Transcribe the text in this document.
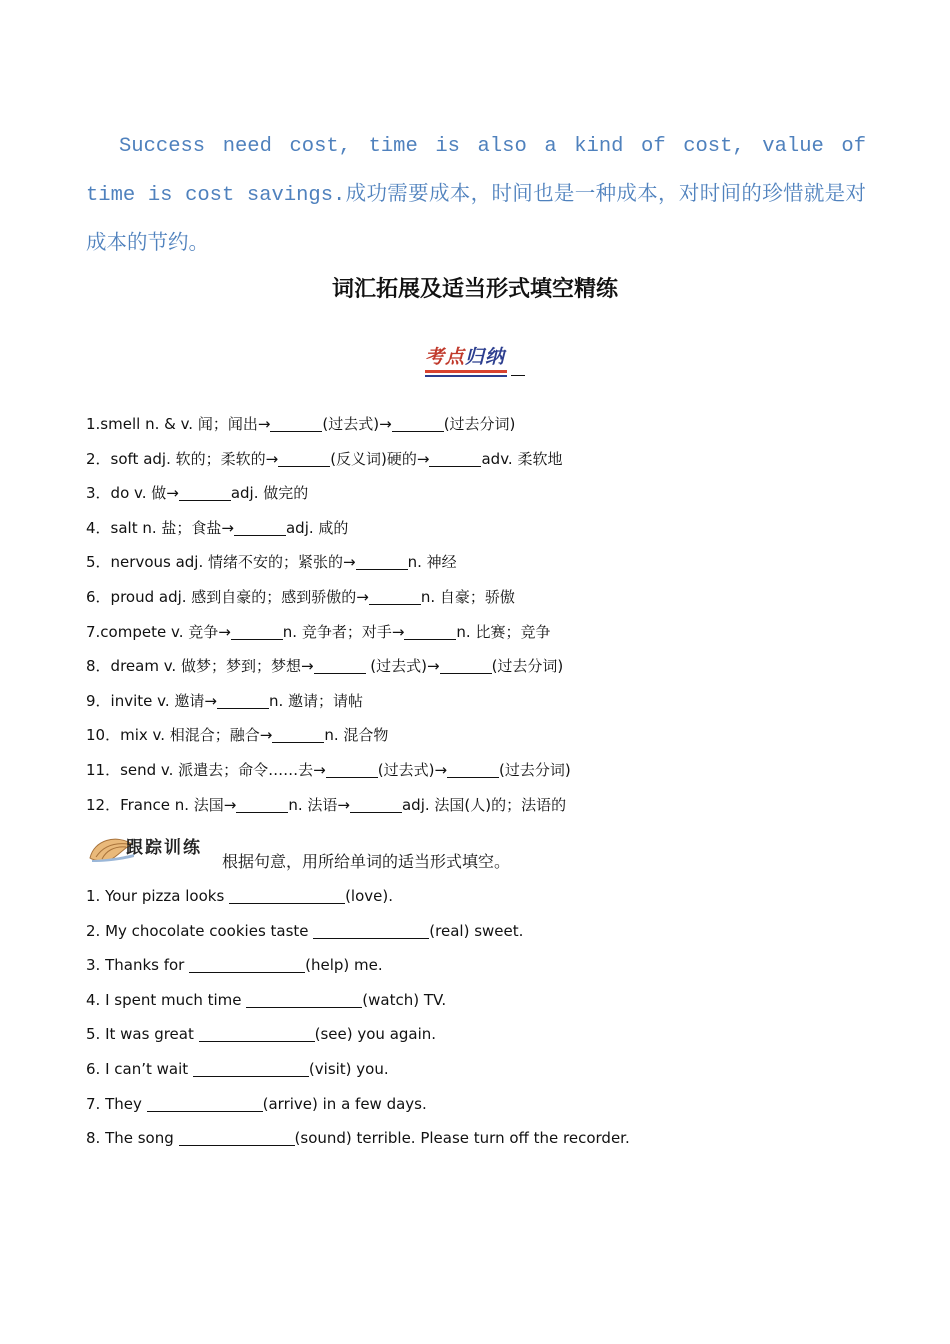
Success need cost, time is also a kind of cost, value of time is cost savings.成功需要成本，时间也是一种成本，对时间的珍惜就是对成本的节约。
词汇拓展及适当形式填空精练
考点归纳
1.smell n. & v. 闻；闻出→	(过去式)→	(过去分词)
2．soft adj. 软的；柔软的→	(反义词)硬的→	adv. 柔软地
3．do v. 做→	adj. 做完的
4．salt n. 盐；食盐→	adj. 咸的
5．nervous adj. 情绪不安的；紧张的→	n. 神经
6．proud adj. 感到自豪的；感到骄傲的→	n. 自豪；骄傲
7.compete v. 竞争→	n. 竞争者；对手→	n. 比赛；竞争
8．dream v. 做梦；梦到；梦想→	(过去式)→	(过去分词)
9．invite v. 邀请→	n. 邀请；请帖
10．mix v. 相混合；融合→	n. 混合物
11．send v. 派遣去；命令……去→	(过去式)→	(过去分词)
12．France n. 法国→	n. 法语→	adj. 法国(人)的；法语的
跟踪训练
根据句意，用所给单词的适当形式填空。
1. Your pizza looks	(love).
2. My chocolate cookies taste	(real) sweet.
3. Thanks for	(help) me.
4. I spent much time	(watch) TV.
5. It was great	(see) you again.
6. I can’t wait	(visit) you.
7. They	(arrive) in a few days.
8. The song	(sound) terrible. Please turn off the recorder.
